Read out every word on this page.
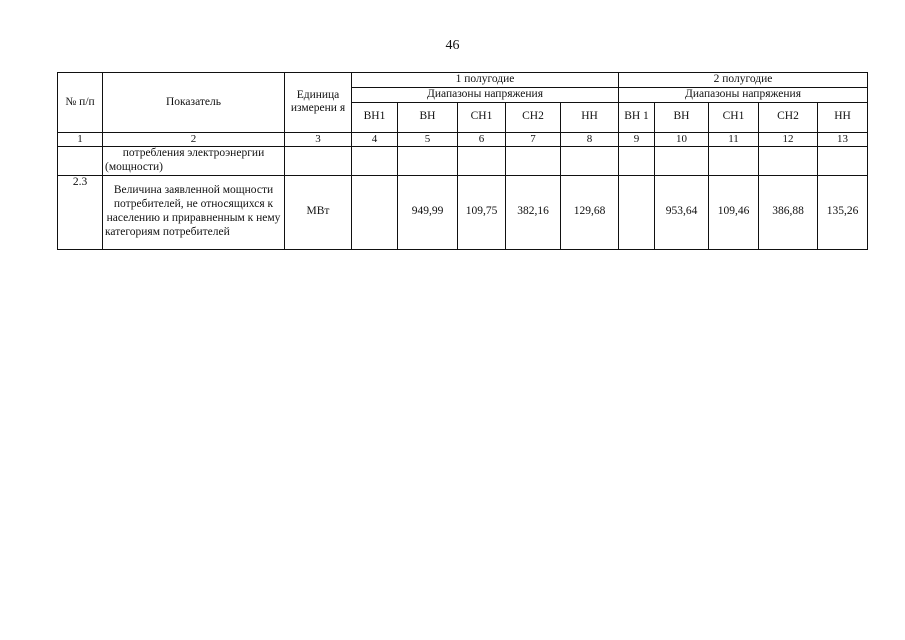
46
№ п/п	Показатель	Единица измерени я	1 полугодие					2 полугодие				
			Диапазоны напряжения					Диапазоны напряжения				
			ВН1	ВН	СН1	СН2	НН	ВН 1	ВН	СН1	СН2	НН
1	2	3	4	5	6	7	8	9	10	11	12	13
	потребления электроэнергии (мощности)											
2.3	Величина заявленной мощности потребителей, не относящихся к населению и приравненным к нему категориям потребителей	МВт		949,99	109,75	382,16	129,68		953,64	109,46	386,88	135,26
